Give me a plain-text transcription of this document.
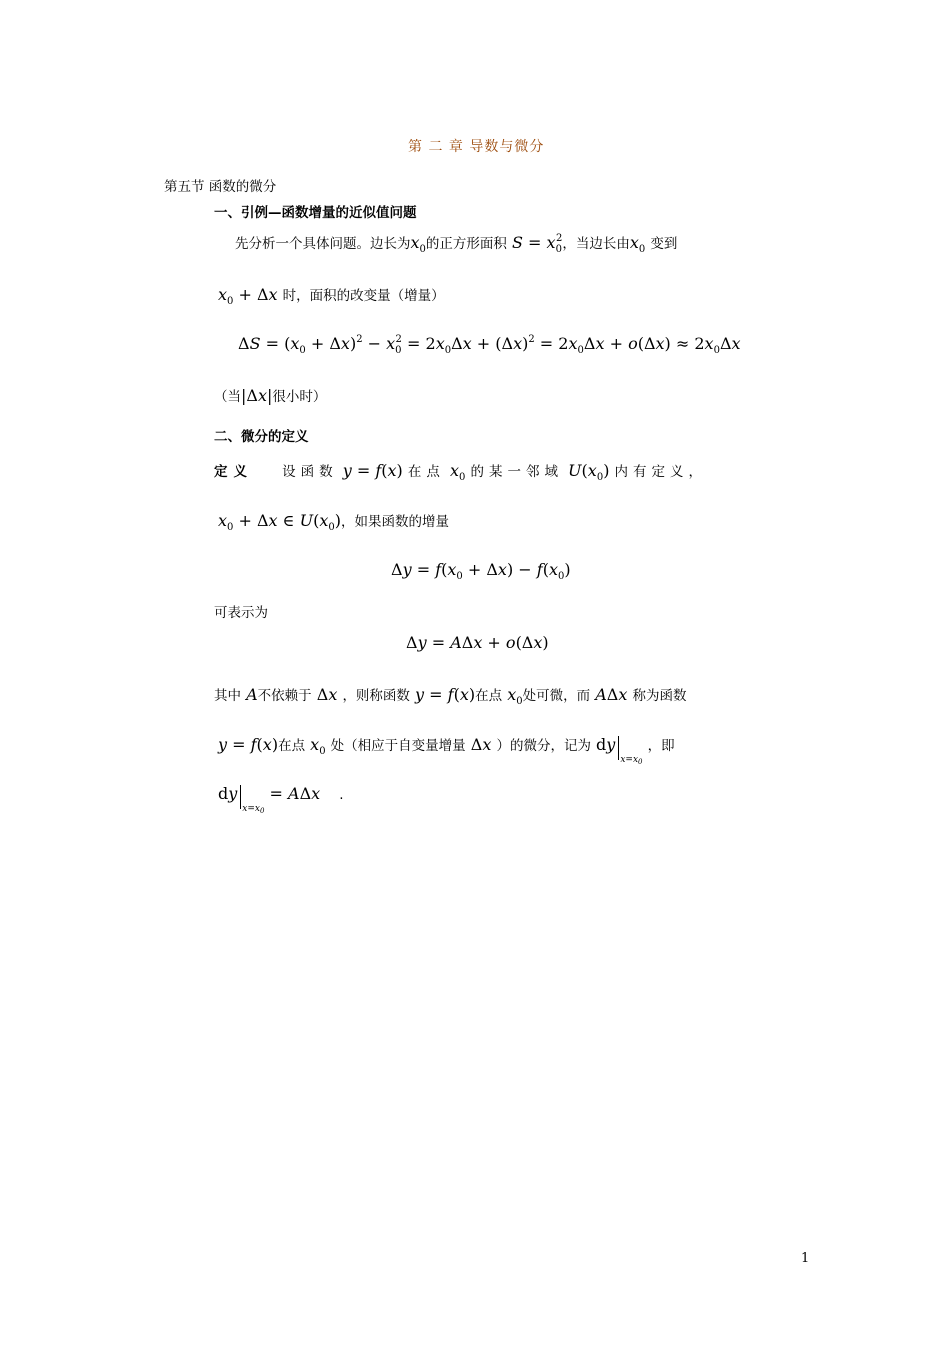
第 二 章 导数与微分
第五节 函数的微分
一、引例—函数增量的近似值问题
先分析一个具体问题。边长为$x_0$的正方形面积 $S = x_0^2$，当边长由$x_0$ 变到
$x_0 + \Delta x$ 时，面积的改变量（增量）
$\Delta S = (x_0 + \Delta x)^2 - x_0^2 = 2x_0\Delta x + (\Delta x)^2 = 2x_0\Delta x + o(\Delta x) \approx 2x_0\Delta x$
（当|Δx|很小时）
二、微分的定义
定义 设函数 y = f(x) 在点 $x_0$ 的某一邻域 $U(x_0)$ 内有定义，
$x_0 + \Delta x$ ∈ $U(x_0)$，如果函数的增量
$\Delta y = f(x_0 + \Delta x) - f(x_0)$
可表示为
Δy = AΔx + o(Δx)
其中 A不依赖于 Δx ，则称函数 y = f(x)在点 $x_0$处可微，而 AΔx 称为函数
y = f(x)在点 $x_0$ 处（相应于自变量增量 Δx ）的微分，记为 $dy_{x=x_0}$ ，即
$dy_{x=x_0} = A\Delta x$ .
1
